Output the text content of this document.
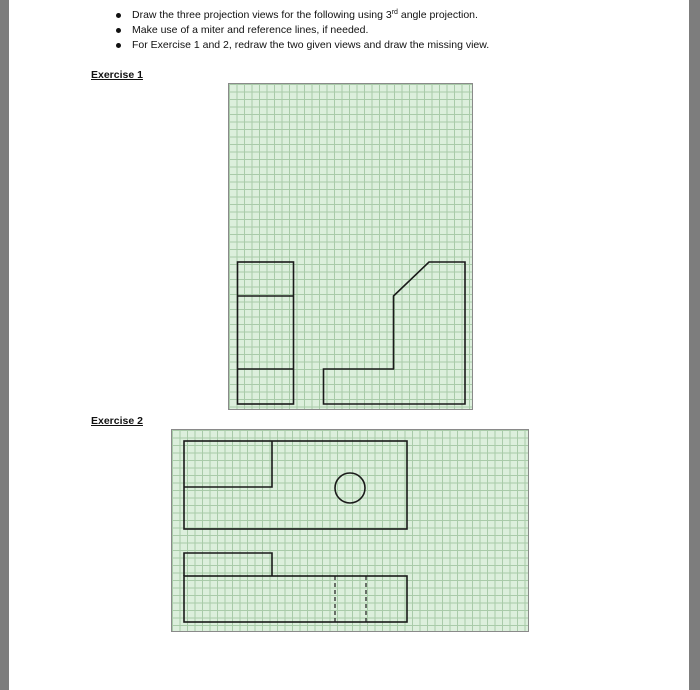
Draw the three projection views for the following using 3rd angle projection.
Make use of a miter and reference lines, if needed.
For Exercise 1 and 2, redraw the two given views and draw the missing view.
Exercise 1
Exercise 2
